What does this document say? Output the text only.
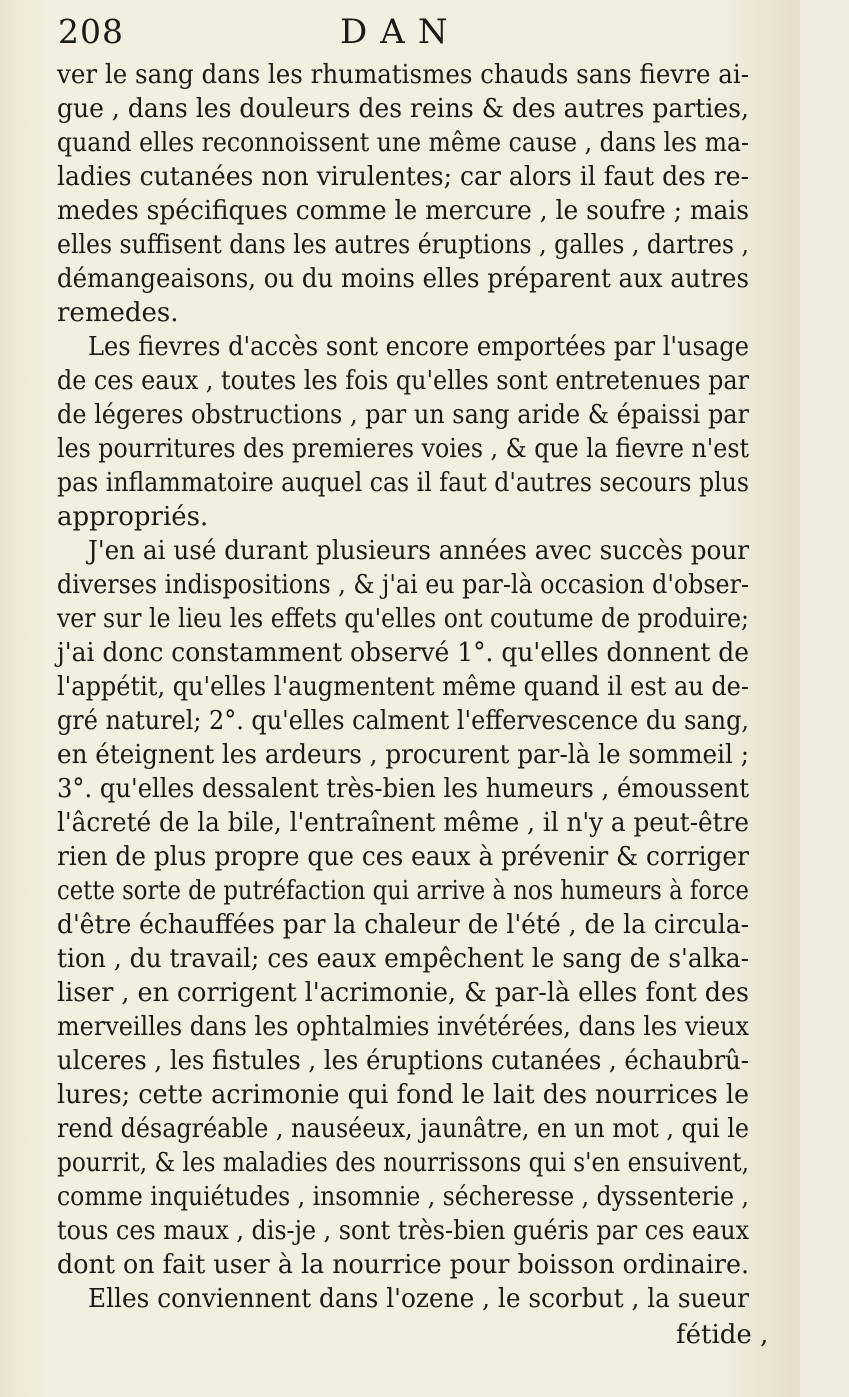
208	DAN
ver le sang dans les rhumatismes chauds sans fievre ai-
gue , dans les douleurs des reins & des autres parties,
quand elles reconnoissent une même cause , dans les ma-
ladies cutanées non virulentes; car alors il faut des re-
medes spécifiques comme le mercure , le soufre ; mais
elles suffisent dans les autres éruptions , galles , dartres ,
démangeaisons, ou du moins elles préparent aux autres
remedes.
Les fievres d'accès sont encore emportées par l'usage
de ces eaux , toutes les fois qu'elles sont entretenues par
de légeres obstructions , par un sang aride & épaissi par
les pourritures des premieres voies , & que la fievre n'est
pas inflammatoire auquel cas il faut d'autres secours plus
appropriés.
J'en ai usé durant plusieurs années avec succès pour
diverses indispositions , & j'ai eu par-là occasion d'obser-
ver sur le lieu les effets qu'elles ont coutume de produire;
j'ai donc constamment observé 1°. qu'elles donnent de
l'appétit, qu'elles l'augmentent même quand il est au de-
gré naturel; 2°. qu'elles calment l'effervescence du sang,
en éteignent les ardeurs , procurent par-là le sommeil ;
3°. qu'elles dessalent très-bien les humeurs , émoussent
l'âcreté de la bile, l'entraînent même , il n'y a peut-être
rien de plus propre que ces eaux à prévenir & corriger
cette sorte de putréfaction qui arrive à nos humeurs à force
d'être échauffées par la chaleur de l'été , de la circula-
tion , du travail; ces eaux empêchent le sang de s'alka-
liser , en corrigent l'acrimonie, & par-là elles font des
merveilles dans les ophtalmies invétérées, dans les vieux
ulceres , les fistules , les éruptions cutanées , échaubrû-
lures; cette acrimonie qui fond le lait des nourrices le
rend désagréable , nauséeux, jaunâtre, en un mot , qui le
pourrit, & les maladies des nourrissons qui s'en ensuivent,
comme inquiétudes , insomnie , sécheresse , dyssenterie ,
tous ces maux , dis-je , sont très-bien guéris par ces eaux
dont on fait user à la nourrice pour boisson ordinaire.
Elles conviennent dans l'ozene , le scorbut , la sueur
fétide ,
